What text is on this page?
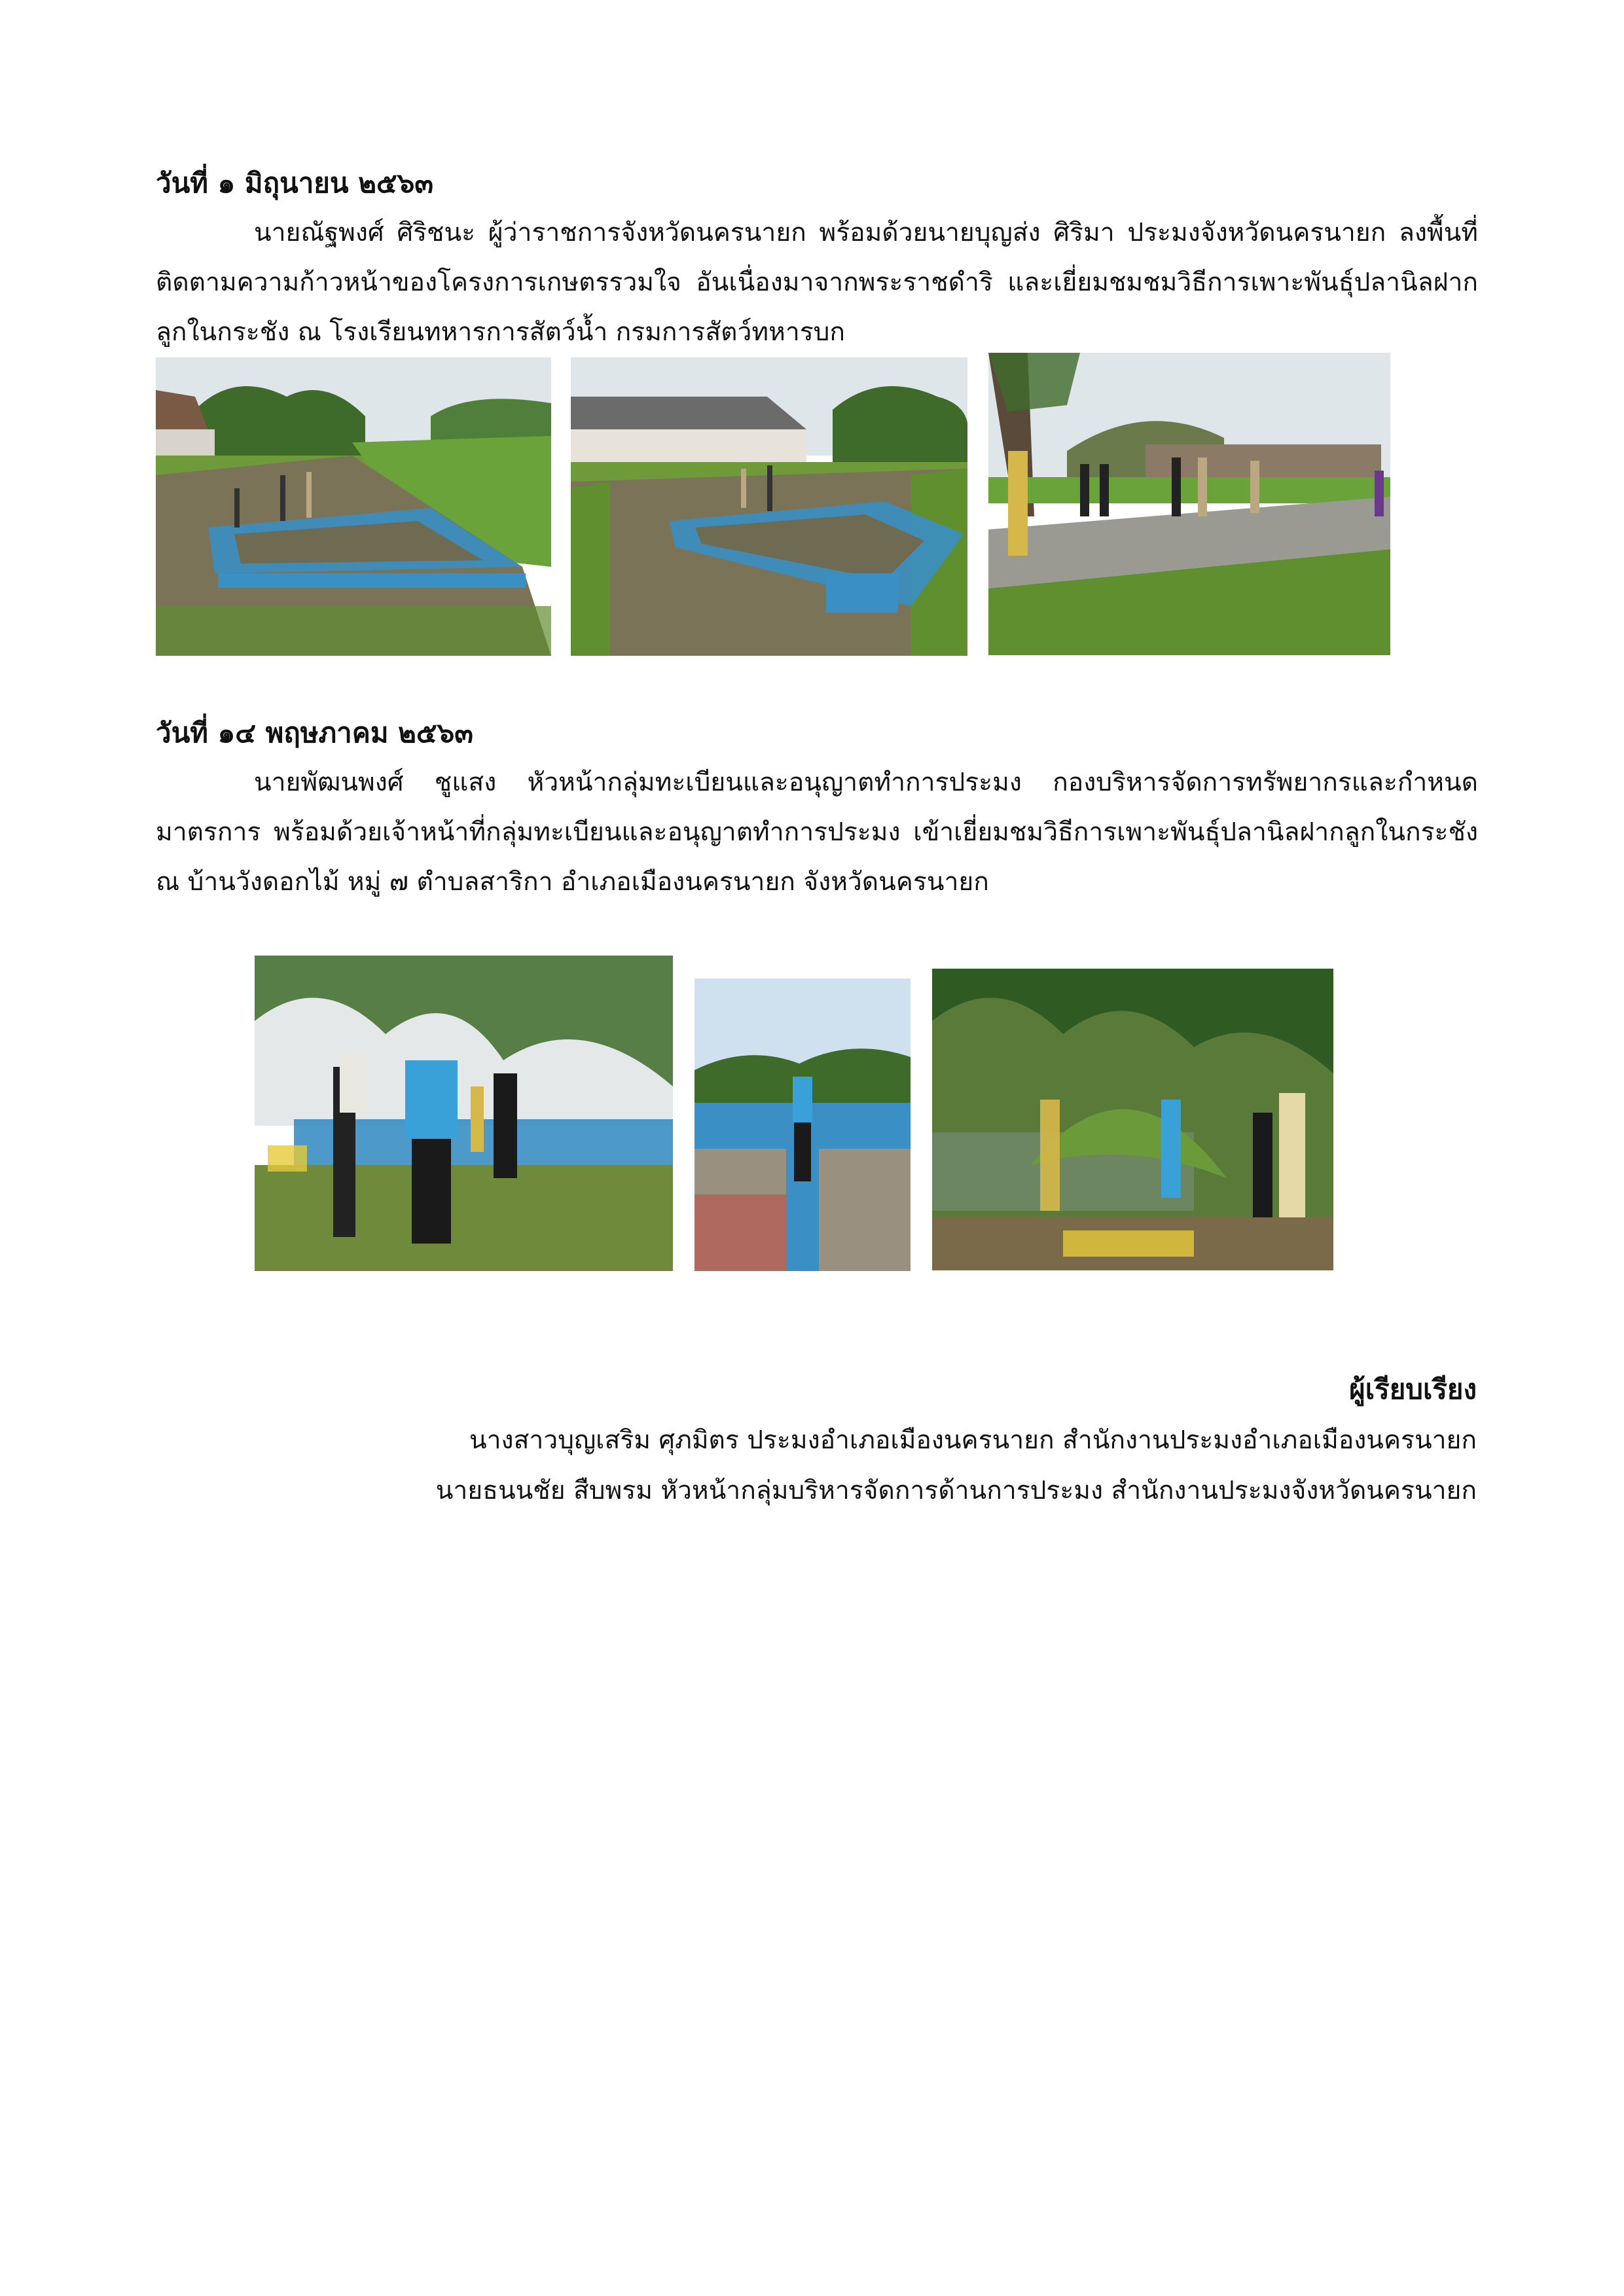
วันที่ ๑ มิถุนายน ๒๕๖๓
นายณัฐพงศ์ ศิริชนะ ผู้ว่าราชการจังหวัดนครนายก พร้อมด้วยนายบุญส่ง ศิริมา ประมงจังหวัดนครนายก ลงพื้นที่ติดตามความก้าวหน้าของโครงการเกษตรรวมใจ อันเนื่องมาจากพระราชดำริ และเยี่ยมชมชมวิธีการเพาะพันธุ์ปลานิลฝากลูกในกระชัง ณ โรงเรียนทหารการสัตว์น้ำ กรมการสัตว์ทหารบก
วันที่ ๑๔ พฤษภาคม ๒๕๖๓
นายพัฒนพงศ์ ชูแสง หัวหน้ากลุ่มทะเบียนและอนุญาตทำการประมง กองบริหารจัดการทรัพยากรและกำหนดมาตรการ พร้อมด้วยเจ้าหน้าที่กลุ่มทะเบียนและอนุญาตทำการประมง เข้าเยี่ยมชมวิธีการเพาะพันธุ์ปลานิลฝากลูกในกระชัง ณ บ้านวังดอกไม้ หมู่ ๗ ตำบลสาริกา อำเภอเมืองนครนายก จังหวัดนครนายก
ผู้เรียบเรียง
นางสาวบุญเสริม ศุภมิตร ประมงอำเภอเมืองนครนายก สำนักงานประมงอำเภอเมืองนครนายก
นายธนนชัย สืบพรม หัวหน้ากลุ่มบริหารจัดการด้านการประมง สำนักงานประมงจังหวัดนครนายก
